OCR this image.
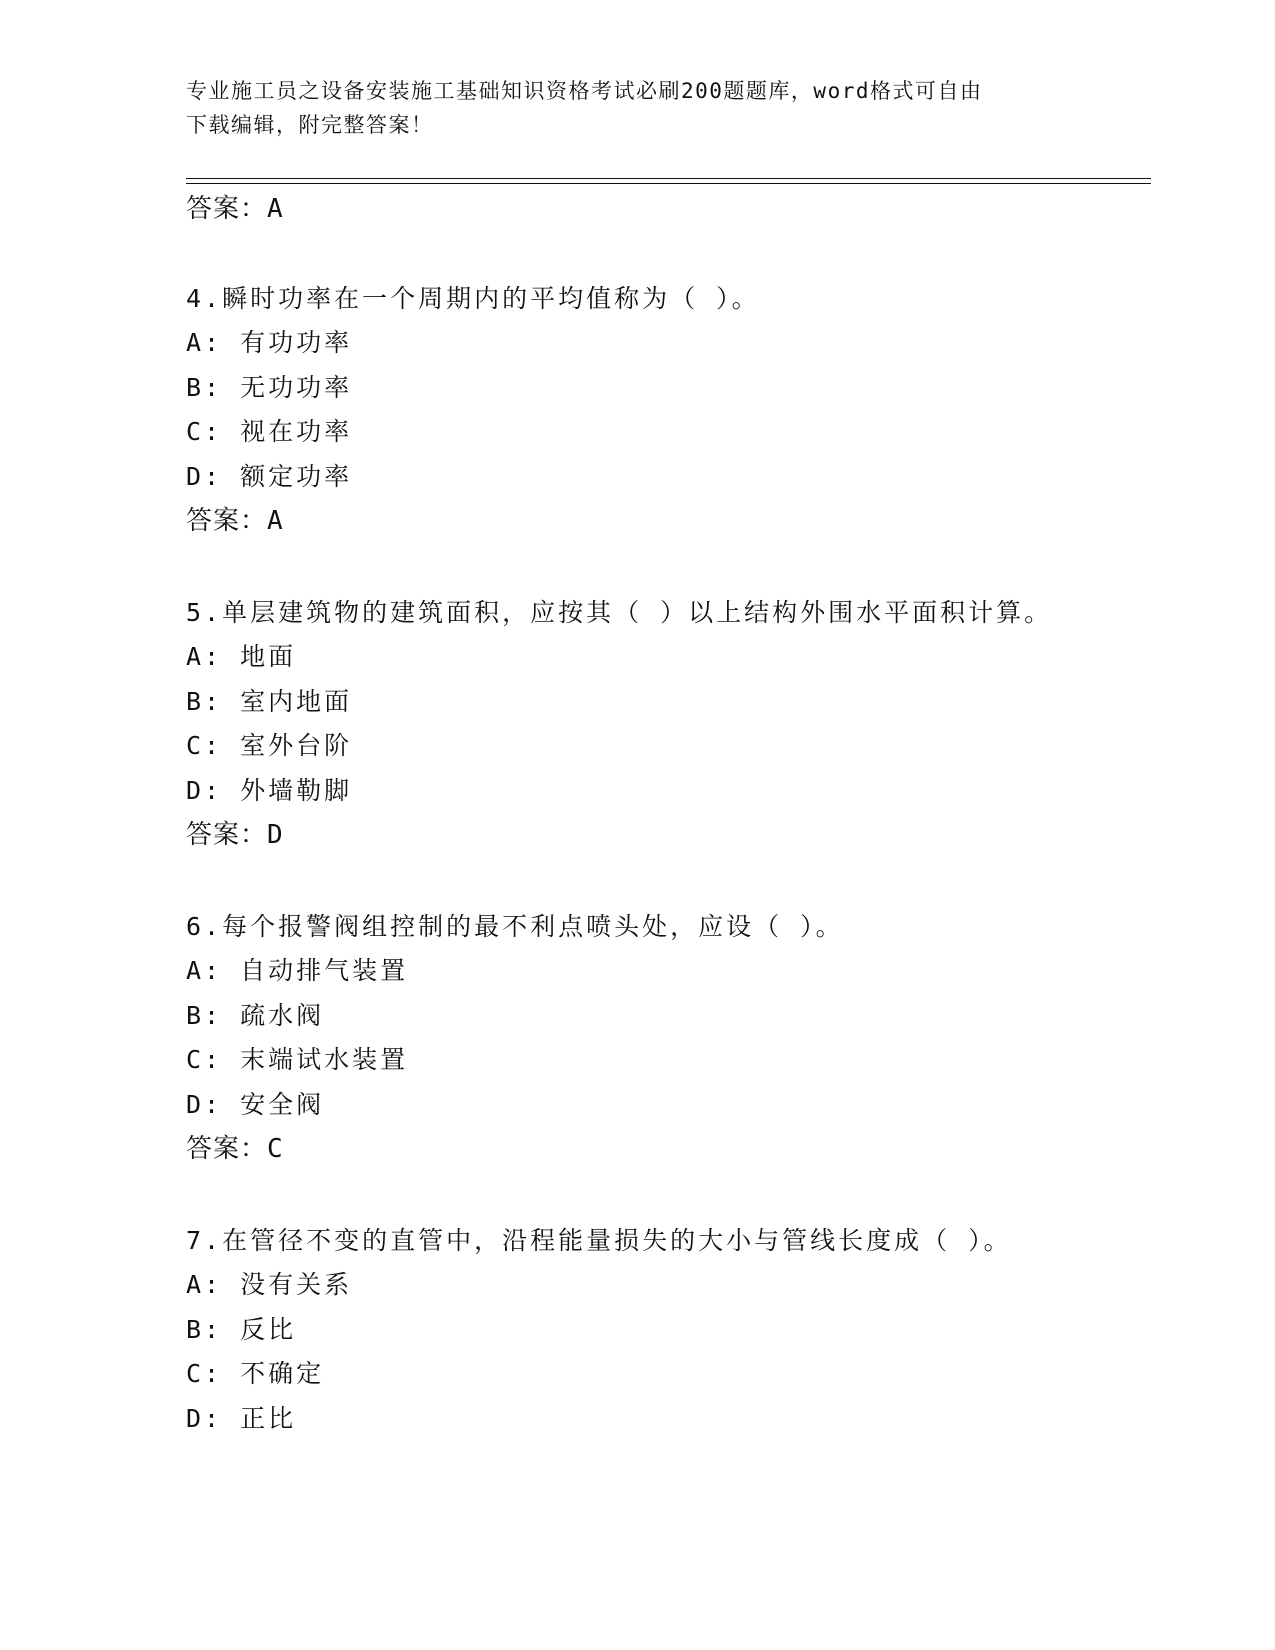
专业施工员之设备安装施工基础知识资格考试必刷200题题库，word格式可自由
下载编辑，附完整答案！
答案：A
4.瞬时功率在一个周期内的平均值称为（ ）。
A: 有功功率
B: 无功功率
C: 视在功率
D: 额定功率
答案：A
5.单层建筑物的建筑面积，应按其（ ）以上结构外围水平面积计算。
A: 地面
B: 室内地面
C: 室外台阶
D: 外墙勒脚
答案：D
6.每个报警阀组控制的最不利点喷头处，应设（ ）。
A: 自动排气装置
B: 疏水阀
C: 末端试水装置
D: 安全阀
答案：C
7.在管径不变的直管中，沿程能量损失的大小与管线长度成（ ）。
A: 没有关系
B: 反比
C: 不确定
D: 正比
